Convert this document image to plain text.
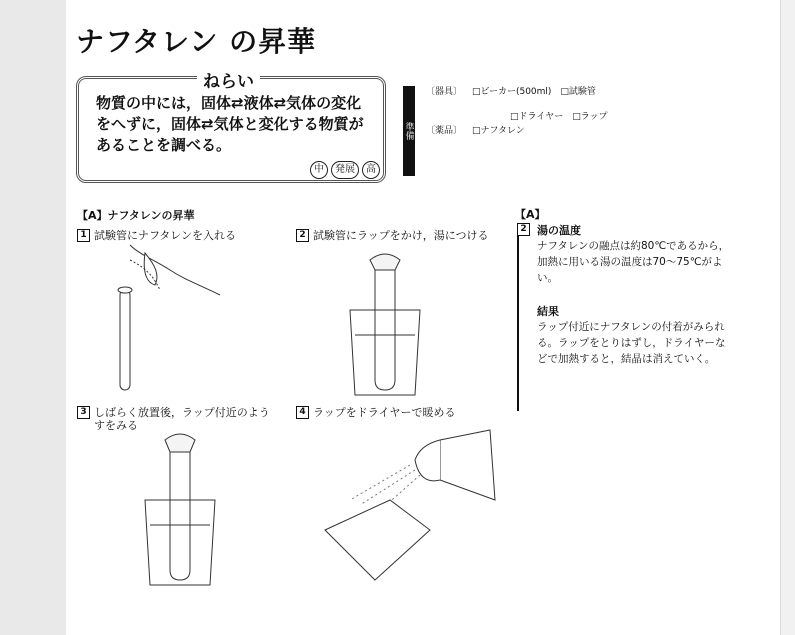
ナフタレン の昇華
ねらい
物質の中には，固体⇄液体⇄気体の変化をへずに，固体⇄気体と変化する物質があることを調べる。
中	発展	高
準備
〔器具〕 □ビーカー(500ml)　□試験管
□ドライヤー　□ラップ
〔薬品〕 □ナフタレン
【A】ナフタレンの昇華
1 試験管にナフタレンを入れる	2 試験管にラップをかけ，湯につける
3 しばらく放置後，ラップ付近のようすをみる
4 ラップをドライヤーで暖める
【A】
2 湯の温度
ナフタレンの融点は約80℃であるから，加熱に用いる湯の温度は70〜75℃がよい。
結果
ラップ付近にナフタレンの付着がみられる。ラップをとりはずし，ドライヤーなどで加熱すると，結晶は消えていく。
